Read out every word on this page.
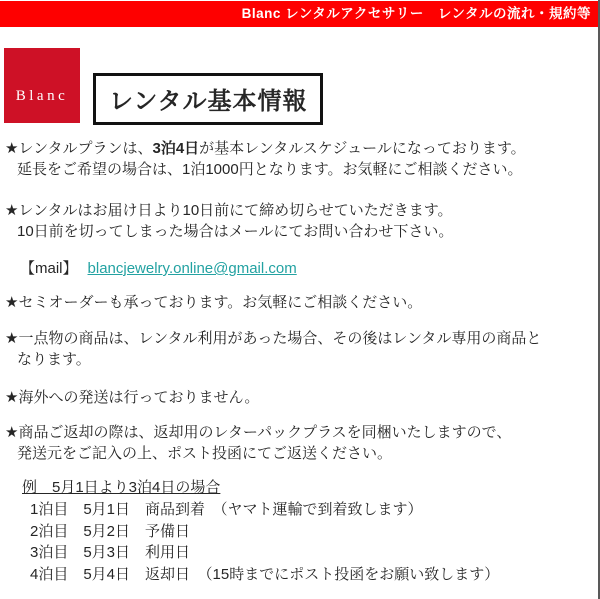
Blanc レンタルアクセサリー　レンタルの流れ・規約等
Blanc	レンタル基本情報
★レンタルプランは、3泊4日が基本レンタルスケジュールになっております。
延長をご希望の場合は、1泊1000円となります。お気軽にご相談ください。
★レンタルはお届け日より10日前にて締め切らせていただきます。
10日前を切ってしまった場合はメールにてお問い合わせ下さい。
【mail】 blancjewelry.online@gmail.com
★セミオーダーも承っております。お気軽にご相談ください。
★一点物の商品は、レンタル利用があった場合、その後はレンタル専用の商品と
なります。
★海外への発送は行っておりません。
★商品ご返却の際は、返却用のレターパックプラスを同梱いたしますので、
発送元をご記入の上、ポスト投函にてご返送ください。
例　5月1日より3泊4日の場合
1泊目　5月1日　商品到着　（ヤマト運輸で到着致します）
2泊目　5月2日　予備日
3泊目　5月3日　利用日
4泊目　5月4日　返却日　（15時までにポスト投函をお願い致します）
